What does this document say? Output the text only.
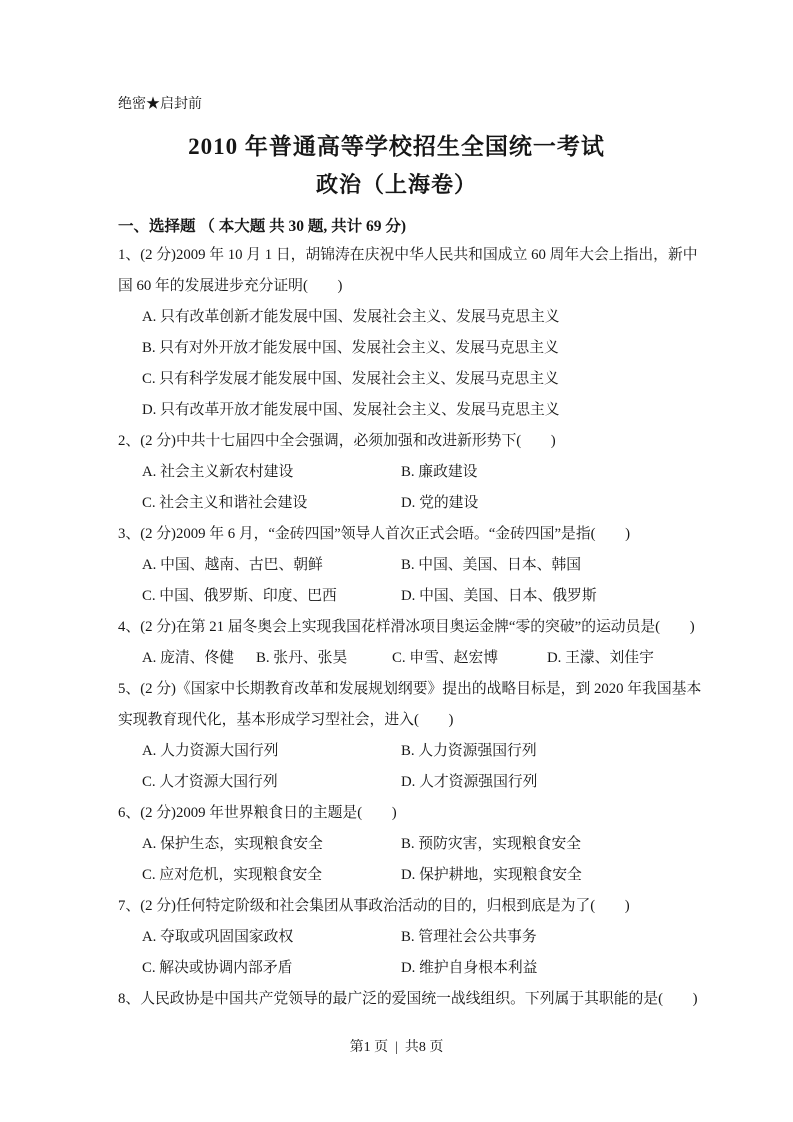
绝密★启封前
2010 年普通高等学校招生全国统一考试
政治（上海卷）
一、选择题 （ 本大题 共 30 题, 共计 69 分)
1、(2 分)2009 年 10 月 1 日，胡锦涛在庆祝中华人民共和国成立 60 周年大会上指出，新中
国 60 年的发展进步充分证明(　　)
A. 只有改革创新才能发展中国、发展社会主义、发展马克思主义
B. 只有对外开放才能发展中国、发展社会主义、发展马克思主义
C. 只有科学发展才能发展中国、发展社会主义、发展马克思主义
D. 只有改革开放才能发展中国、发展社会主义、发展马克思主义
2、(2 分)中共十七届四中全会强调，必须加强和改进新形势下(　　)
A. 社会主义新农村建设	B. 廉政建设
C. 社会主义和谐社会建设	D. 党的建设
3、(2 分)2009 年 6 月，“金砖四国”领导人首次正式会晤。“金砖四国”是指(　　)
A. 中国、越南、古巴、朝鲜	B. 中国、美国、日本、韩国
C. 中国、俄罗斯、印度、巴西	D. 中国、美国、日本、俄罗斯
4、(2 分)在第 21 届冬奥会上实现我国花样滑冰项目奥运金牌“零的突破”的运动员是(　　)
A. 庞清、佟健	B. 张丹、张昊	C. 申雪、赵宏博	D. 王濛、刘佳宇
5、(2 分)《国家中长期教育改革和发展规划纲要》提出的战略目标是，到 2020 年我国基本
实现教育现代化，基本形成学习型社会，进入(　　)
A. 人力资源大国行列	B. 人力资源强国行列
C. 人才资源大国行列	D. 人才资源强国行列
6、(2 分)2009 年世界粮食日的主题是(　　)
A. 保护生态，实现粮食安全	B. 预防灾害，实现粮食安全
C. 应对危机，实现粮食安全	D. 保护耕地，实现粮食安全
7、(2 分)任何特定阶级和社会集团从事政治活动的目的，归根到底是为了(　　)
A. 夺取或巩固国家政权	B. 管理社会公共事务
C. 解决或协调内部矛盾	D. 维护自身根本利益
8、人民政协是中国共产党领导的最广泛的爱国统一战线组织。下列属于其职能的是(　　)
第1 页 | 共8 页
